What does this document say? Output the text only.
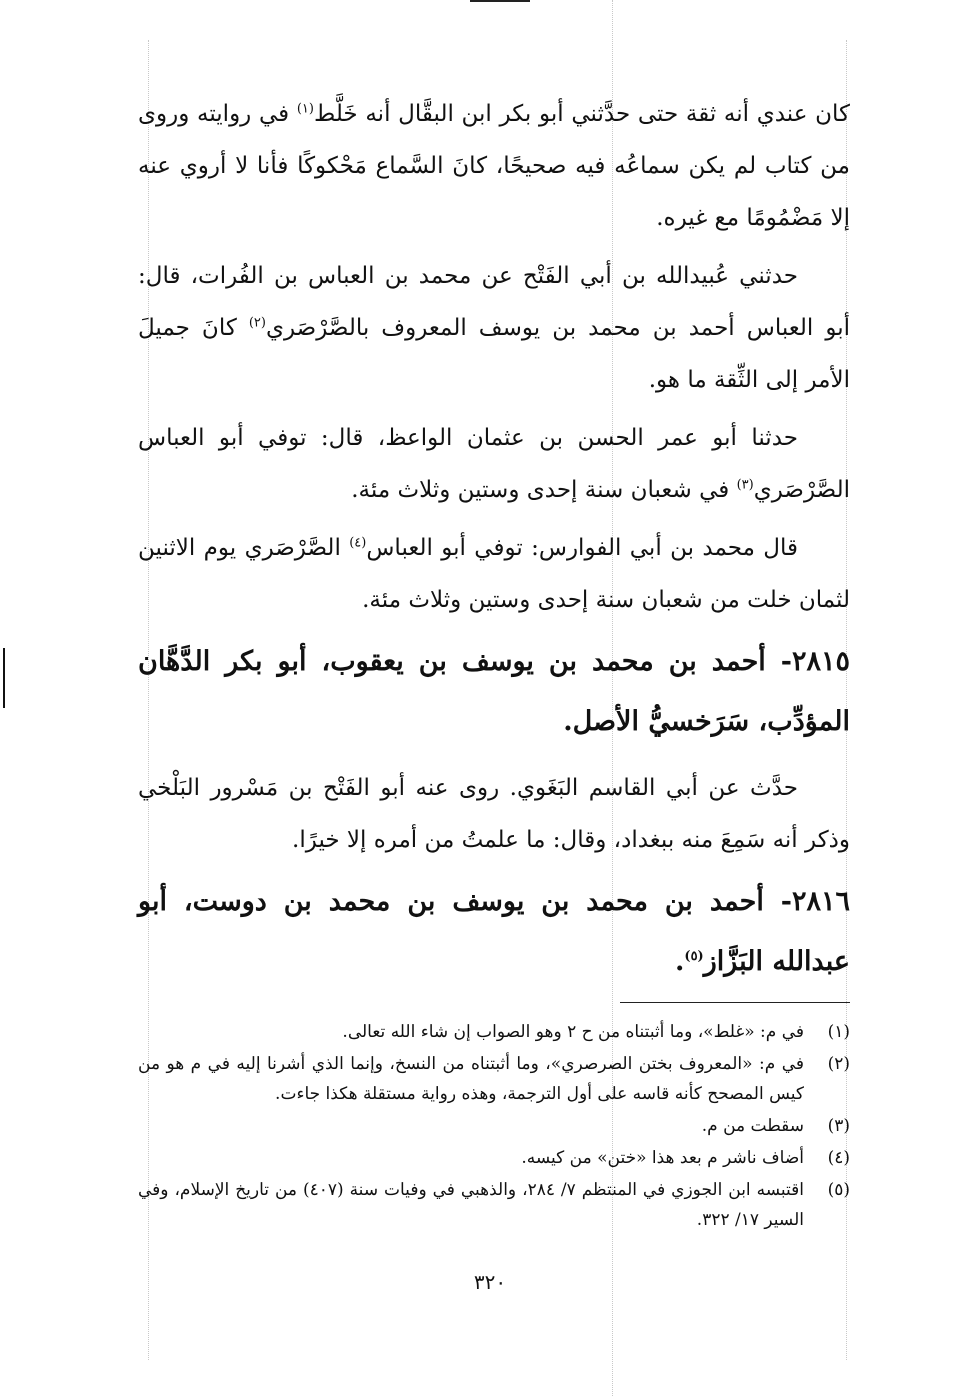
كان عندي أنه ثقة حتى حدَّثني أبو بكر ابن البقَّال أنه خَلَّط$^{(١)}$ في روايته وروى من كتاب لم يكن سماعُه فيه صحيحًا، كانَ السَّماع مَحْكوكًا فأنا لا أروي عنه إلا مَضْمُومًا مع غيره.

حدثني عُبيدالله بن أبي الفَتْح عن محمد بن العباس بن الفُرات، قال: أبو العباس أحمد بن محمد بن يوسف المعروف بالصَّرْصَري$^{(٢)}$ كانَ جميلَ الأمر إلى الثِّقة ما هو.

حدثنا أبو عمر الحسن بن عثمان الواعظ، قال: توفي أبو العباس الصَّرْصَري$^{(٣)}$ في شعبان سنة إحدى وستين وثلاث مئة.

قال محمد بن أبي الفوارس: توفي أبو العباس$^{(٤)}$ الصَّرْصَري يوم الاثنين لثمان خلت من شعبان سنة إحدى وستين وثلاث مئة.

٢٨١٥- أحمد بن محمد بن يوسف بن يعقوب، أبو بكر الدَّهَّان المؤدِّب، سَرَخسيُّ الأصل.

حدَّث عن أبي القاسم البَغَوي. روى عنه أبو الفَتْح بن مَسْرور البَلْخي وذكر أنه سَمِعَ منه ببغداد، وقال: ما علمتُ من أمره إلا خيرًا.

٢٨١٦- أحمد بن محمد بن يوسف بن محمد بن دوست، أبو عبدالله البَزَّاز$^{(٥)}$.

(١)
في م: «غلط»، وما أثبتناه من ح ٢ وهو الصواب إن شاء الله تعالى.
(٢)
في م: «المعروف بختن الصرصري»، وما أثبتناه من النسخ، وإنما الذي أشرنا إليه في م هو من كيس المصحح كأنه قاسه على أول الترجمة، وهذه رواية مستقلة هكذا جاءت.
(٣)
سقطت من م.
(٤)
أضاف ناشر م بعد هذا «ختن» من كيسه.
(٥)
اقتبسه ابن الجوزي في المنتظم ٧/ ٢٨٤، والذهبي في وفيات سنة (٤٠٧) من تاريخ الإسلام، وفي السير ١٧/ ٣٢٢.
٣٢٠
